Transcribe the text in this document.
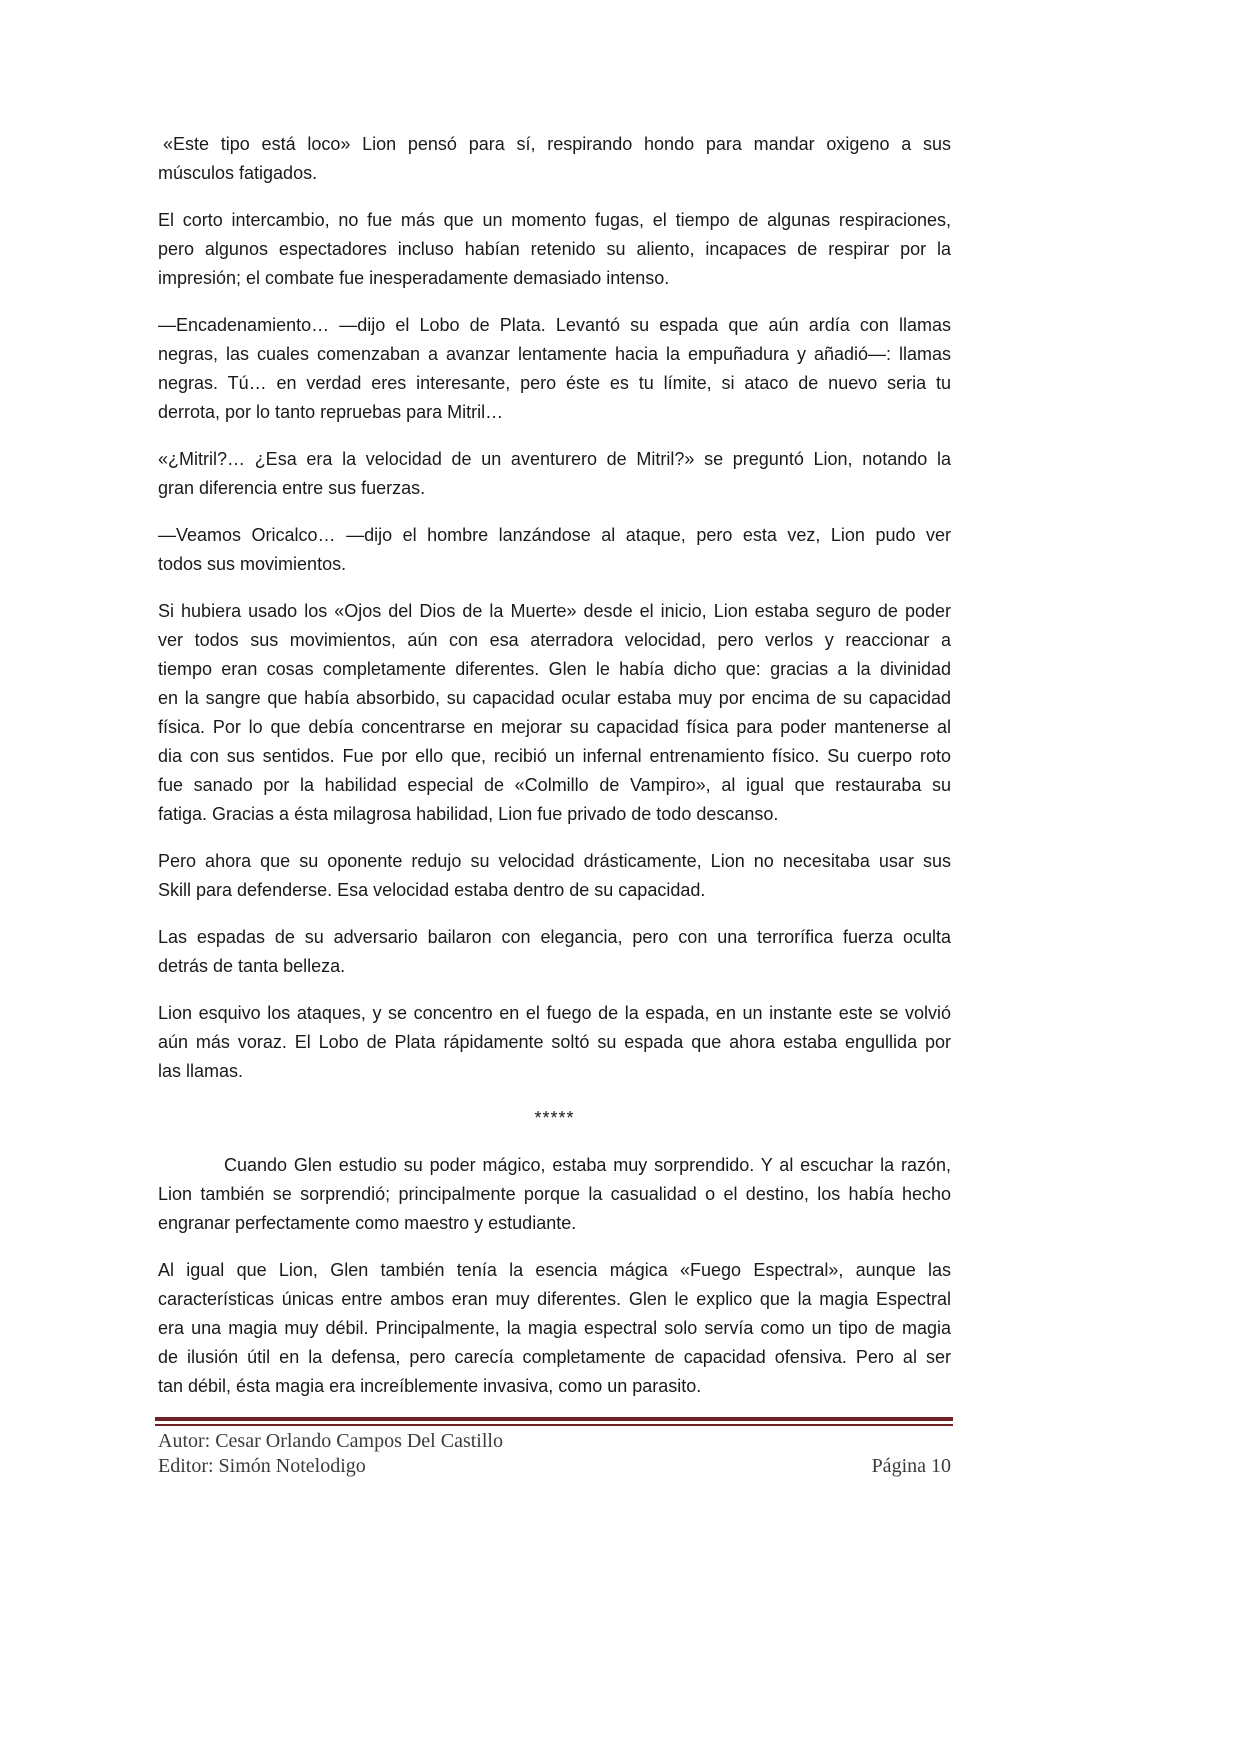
«Este tipo está loco» Lion pensó para sí, respirando hondo para mandar oxigeno a sus
músculos fatigados.
El corto intercambio, no fue más que un momento fugas, el tiempo de algunas respiraciones,
pero algunos espectadores incluso habían retenido su aliento, incapaces de respirar por la
impresión; el combate fue inesperadamente demasiado intenso.
—Encadenamiento… —dijo el Lobo de Plata. Levantó su espada que aún ardía con llamas
negras, las cuales comenzaban a avanzar lentamente hacia la empuñadura y añadió—: llamas
negras. Tú… en verdad eres interesante, pero éste es tu límite, si ataco de nuevo seria tu
derrota, por lo tanto repruebas para Mitril…
«¿Mitril?… ¿Esa era la velocidad de un aventurero de Mitril?» se preguntó Lion, notando la
gran diferencia entre sus fuerzas.
—Veamos Oricalco… —dijo el hombre lanzándose al ataque, pero esta vez, Lion pudo ver
todos sus movimientos.
Si hubiera usado los «Ojos del Dios de la Muerte» desde el inicio, Lion estaba seguro de poder
ver todos sus movimientos, aún con esa aterradora velocidad, pero verlos y reaccionar a
tiempo eran cosas completamente diferentes. Glen le había dicho que: gracias a la divinidad
en la sangre que había absorbido, su capacidad ocular estaba muy por encima de su capacidad
física. Por lo que debía concentrarse en mejorar su capacidad física para poder mantenerse al
dia con sus sentidos. Fue por ello que, recibió un infernal entrenamiento físico. Su cuerpo roto
fue sanado por la habilidad especial de «Colmillo de Vampiro», al igual que restauraba su
fatiga. Gracias a ésta milagrosa habilidad, Lion fue privado de todo descanso.
Pero ahora que su oponente redujo su velocidad drásticamente, Lion no necesitaba usar sus
Skill para defenderse. Esa velocidad estaba dentro de su capacidad.
Las espadas de su adversario bailaron con elegancia, pero con una terrorífica fuerza oculta
detrás de tanta belleza.
Lion esquivo los ataques, y se concentro en el fuego de la espada, en un instante este se volvió
aún más voraz. El Lobo de Plata rápidamente soltó su espada que ahora estaba engullida por
las llamas.
*****
Cuando Glen estudio su poder mágico, estaba muy sorprendido. Y al escuchar la razón,
Lion también se sorprendió; principalmente porque la casualidad o el destino, los había hecho
engranar perfectamente como maestro y estudiante.
Al igual que Lion, Glen también tenía la esencia mágica «Fuego Espectral», aunque las
características únicas entre ambos eran muy diferentes. Glen le explico que la magia Espectral
era una magia muy débil. Principalmente, la magia espectral solo servía como un tipo de magia
de ilusión útil en la defensa, pero carecía completamente de capacidad ofensiva. Pero al ser
tan débil, ésta magia era increíblemente invasiva, como un parasito.
Autor: Cesar Orlando Campos Del Castillo
Editor: Simón Notelodigo	Página 10
